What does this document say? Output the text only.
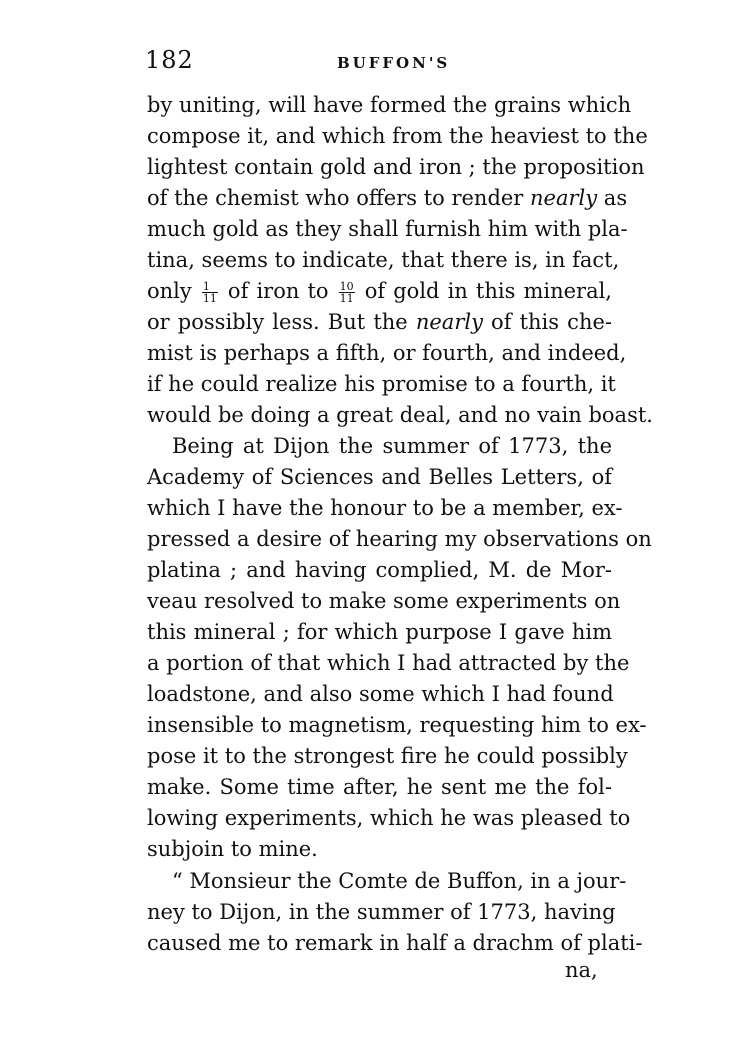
182	BUFFON'S
by uniting, will have formed the grains which
compose it, and which from the heaviest to the
lightest contain gold and iron ; the proposition
of the chemist who offers to render nearly as
much gold as they shall furnish him with pla-
tina, seems to indicate, that there is, in fact,
only $\frac{1}{11}$ of iron to $\frac{10}{11}$ of gold in this mineral,
or possibly less. But the nearly of this che-
mist is perhaps a fifth, or fourth, and indeed,
if he could realize his promise to a fourth, it
would be doing a great deal, and no vain boast.
Being at Dijon the summer of 1773, the
Academy of Sciences and Belles Letters, of
which I have the honour to be a member, ex-
pressed a desire of hearing my observations on
platina ; and having complied, M. de Mor-
veau resolved to make some experiments on
this mineral ; for which purpose I gave him
a portion of that which I had attracted by the
loadstone, and also some which I had found
insensible to magnetism, requesting him to ex-
pose it to the strongest fire he could possibly
make. Some time after, he sent me the fol-
lowing experiments, which he was pleased to
subjoin to mine.
“ Monsieur the Comte de Buffon, in a jour-
ney to Dijon, in the summer of 1773, having
caused me to remark in half a drachm of plati-
na,
